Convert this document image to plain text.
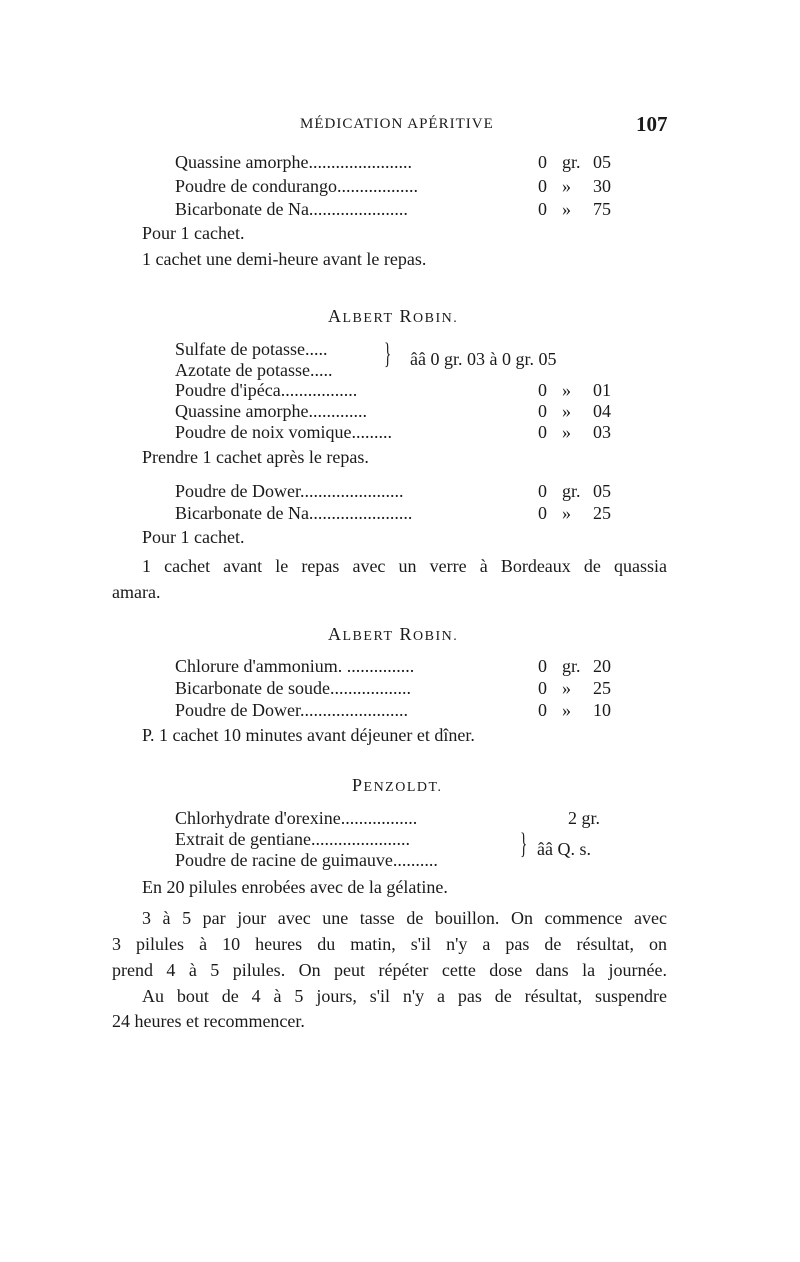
MÉDICATION APÉRITIVE	107
Quassine amorphe.......................	0 gr. 05
Poudre de condurango..................	0 » 30
Bicarbonate de Na......................	0 » 75
Pour 1 cachet.
1 cachet une demi-heure avant le repas.
ALBERT ROBIN.
Sulfate de potasse.....
Azotate de potasse..... } ââ 0 gr. 03 à 0 gr. 05
Poudre d'ipéca.................	0 » 01
Quassine amorphe.............	0 » 04
Poudre de noix vomique.........	0 » 03
Prendre 1 cachet après le repas.
Poudre de Dower.......................	0 gr. 05
Bicarbonate de Na.......................	0 » 25
Pour 1 cachet.
1 cachet avant le repas avec un verre à Bordeaux de quassia
amara.
ALBERT ROBIN.
Chlorure d'ammonium. ...............	0 gr. 20
Bicarbonate de soude..................	0 » 25
Poudre de Dower........................	0 » 10
P. 1 cachet 10 minutes avant déjeuner et dîner.
PENZOLDT.
Chlorhydrate d'orexine.................	2 gr.
Extrait de gentiane......................
Poudre de racine de guimauve..........	} ââ Q. s.
En 20 pilules enrobées avec de la gélatine.
3 à 5 par jour avec une tasse de bouillon. On commence avec
3 pilules à 10 heures du matin, s'il n'y a pas de résultat, on
prend 4 à 5 pilules. On peut répéter cette dose dans la journée.
Au bout de 4 à 5 jours, s'il n'y a pas de résultat, suspendre
24 heures et recommencer.
